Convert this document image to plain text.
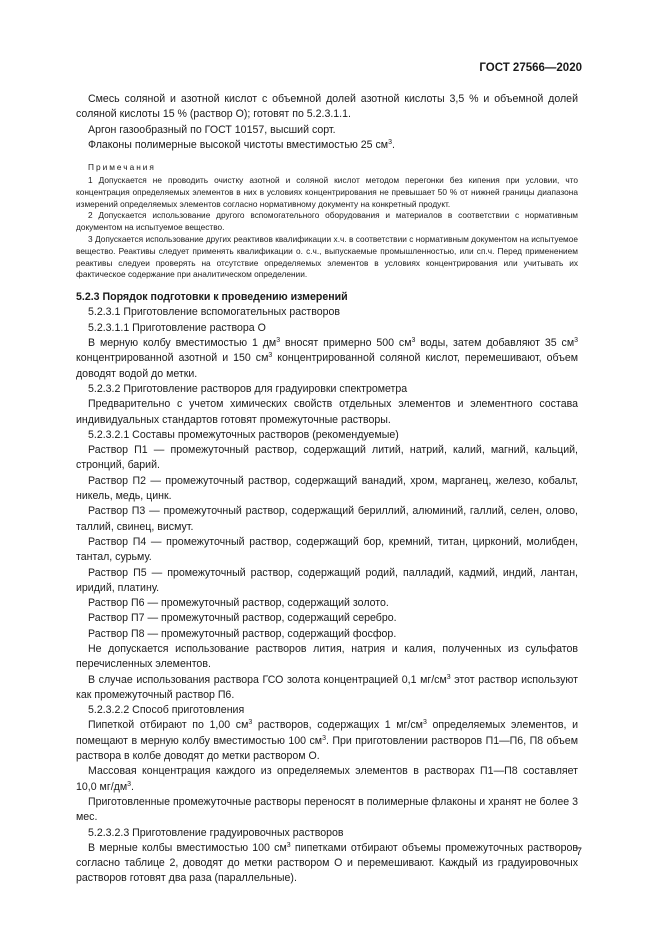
ГОСТ 27566—2020

Смесь соляной и азотной кислот с объемной долей азотной кислоты 3,5 % и объемной долей соляной кислоты 15 % (раствор О); готовят по 5.2.3.1.1.

Аргон газообразный по ГОСТ 10157, высший сорт.

Флаконы полимерные высокой чистоты вместимостью 25 $см^3$.

Примечания

1 Допускается не проводить очистку азотной и соляной кислот методом перегонки без кипения при условии, что концентрация определяемых элементов в них в условиях концентрирования не превышает 50 % от нижней границы диапазона измерений определяемых элементов согласно нормативному документу на конкретный продукт.

2 Допускается использование другого вспомогательного оборудования и материалов в соответствии с нормативным документом на испытуемое вещество.

3 Допускается использование других реактивов квалификации х.ч. в соответствии с нормативным документом на испытуемое вещество. Реактивы следует применять квалификации о. с.ч., выпускаемые промышленностью, или сп.ч. Перед применением реактивы следуеи проверять на отсутствие определяемых элементов в условиях концентрирования или учитывать их фактическое содержание при аналитическом определении.

5.2.3 Порядок подготовки к проведению измерений

5.2.3.1 Приготовление вспомогательных растворов

5.2.3.1.1 Приготовление раствора О

В мерную колбу вместимостью 1 $дм^3$ вносят примерно 500 $см^3$ воды, затем добавляют 35 $см^3$ концентрированной азотной и 150 $см^3$ концентрированной соляной кислот, перемешивают, объем доводят водой до метки.

5.2.3.2 Приготовление растворов для градуировки спектрометра

Предварительно с учетом химических свойств отдельных элементов и элементного состава индивидуальных стандартов готовят промежуточные растворы.

5.2.3.2.1 Составы промежуточных растворов (рекомендуемые)

Раствор П1 — промежуточный раствор, содержащий литий, натрий, калий, магний, кальций, стронций, барий.

Раствор П2 — промежуточный раствор, содержащий ванадий, хром, марганец, железо, кобальт, никель, медь, цинк.

Раствор П3 — промежуточный раствор, содержащий бериллий, алюминий, галлий, селен, олово, таллий, свинец, висмут.

Раствор П4 — промежуточный раствор, содержащий бор, кремний, титан, цирконий, молибден, тантал, сурьму.

Раствор П5 — промежуточный раствор, содержащий родий, палладий, кадмий, индий, лантан, иридий, платину.

Раствор П6 — промежуточный раствор, содержащий золото.

Раствор П7 — промежуточный раствор, содержащий серебро.

Раствор П8 — промежуточный раствор, содержащий фосфор.

Не допускается использование растворов лития, натрия и калия, полученных из сульфатов перечисленных элементов.

В случае использования раствора ГСО золота концентрацией 0,1 $мг/см^3$ этот раствор используют как промежуточный раствор П6.

5.2.3.2.2 Способ приготовления

Пипеткой отбирают по 1,00 $см^3$ растворов, содержащих 1 $мг/см^3$ определяемых элементов, и помещают в мерную колбу вместимостью 100 $см^3$. При приготовлении растворов П1—П6, П8 объем раствора в колбе доводят до метки раствором О.

Массовая концентрация каждого из определяемых элементов в растворах П1—П8 составляет 10,0 $мг/дм^3$.

Приготовленные промежуточные растворы переносят в полимерные флаконы и хранят не более 3 мес.

5.2.3.2.3 Приготовление градуировочных растворов

В мерные колбы вместимостью 100 $см^3$ пипетками отбирают объемы промежуточных растворов согласно таблице 2, доводят до метки раствором О и перемешивают. Каждый из градуировочных растворов готовят два раза (параллельные).

7
